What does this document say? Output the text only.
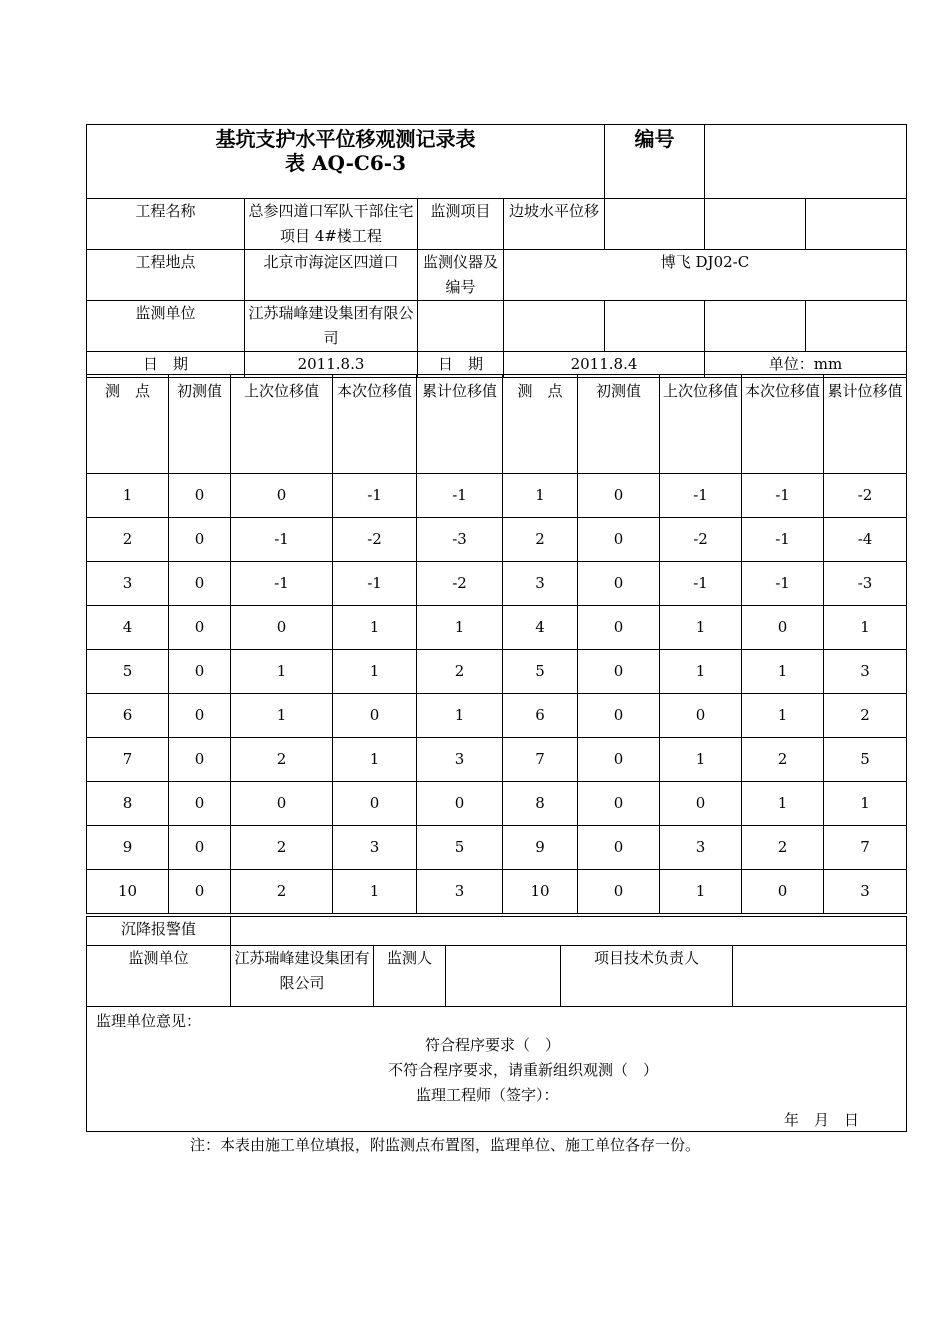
基坑支护水平位移观测记录表
表 AQ-C6-3				编号		
工程名称	总参四道口军队干部住宅项目 4#楼工程	监测项目	边坡水平位移			
工程地点	北京市海淀区四道口	监测仪器及编号	博飞 DJ02-C			
监测单位	江苏瑞峰建设集团有限公司					
日　期	2011.8.3	日　期	2011.8.4		单位：mm	
测　点	初测值	上次位移值	本次位移值	累计位移值	测　点	初测值	上次位移值	本次位移值	累计位移值
1	0	0	-1	-1	1	0	-1	-1	-2
2	0	-1	-2	-3	2	0	-2	-1	-4
3	0	-1	-1	-2	3	0	-1	-1	-3
4	0	0	1	1	4	0	1	0	1
5	0	1	1	2	5	0	1	1	3
6	0	1	0	1	6	0	0	1	2
7	0	2	1	3	7	0	1	2	5
8	0	0	0	0	8	0	0	1	1
9	0	2	3	5	9	0	3	2	7
10	0	2	1	3	10	0	1	0	3
沉降报警值					
监测单位	江苏瑞峰建设集团有限公司	监测人		项目技术负责人	

监理单位意见：
符合程序要求（　）
不符合程序要求，请重新组织观测（　）
监理工程师（签字）：
年　月　日					
注：本表由施工单位填报，附监测点布置图，监理单位、施工单位各存一份。
